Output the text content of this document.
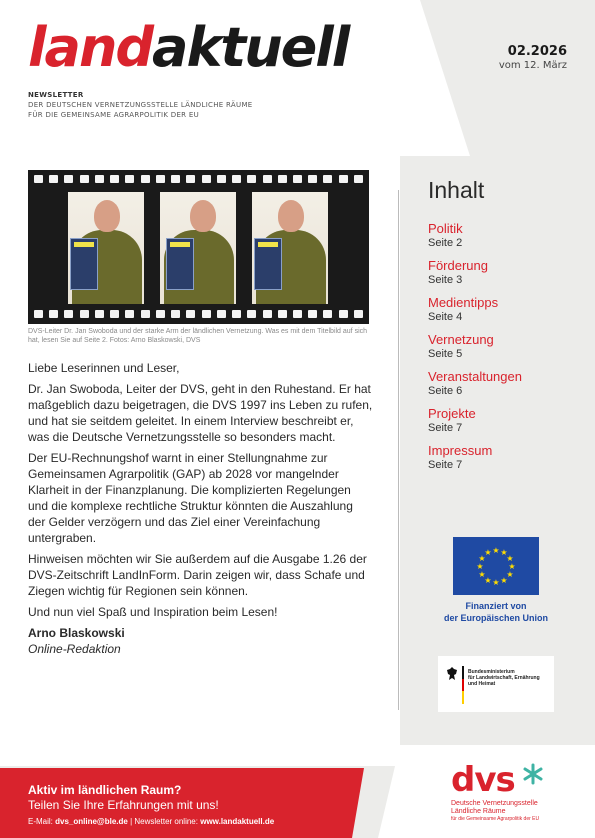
landaktuell	02.2026
vom 12. März
NEWSLETTER
DER DEUTSCHEN VERNETZUNGSSTELLE LÄNDLICHE RÄUME
FÜR DIE GEMEINSAME AGRARPOLITIK DER EU
DVS-Leiter Dr. Jan Swoboda und der starke Arm der ländlichen Vernetzung. Was es mit dem Titelbild auf sich hat, lesen Sie auf Seite 2. Fotos: Arno Blaskowski, DVS

Liebe Leserinnen und Leser,

Dr. Jan Swoboda, Leiter der DVS, geht in den Ruhestand. Er hat maßgeblich dazu beigetragen, die DVS 1997 ins Leben zu rufen, und hat sie seitdem geleitet. In einem Interview beschreibt er, was die Deutsche Vernetzungsstelle so besonders macht.

Der EU-Rechnungshof warnt in einer Stellungnahme zur Gemeinsamen Agrarpolitik (GAP) ab 2028 vor mangelnder Klarheit in der Finanzplanung. Die komplizierten Regelungen und die komplexe rechtliche Struktur könnten die Auszahlung der Gelder verzögern und das Ziel einer Vereinfachung untergraben.

Hinweisen möchten wir Sie außerdem auf die Ausgabe 1.26 der DVS-Zeitschrift LandInForm. Darin zeigen wir, dass Schafe und Ziegen wichtig für Regionen sein können.

Und nun viel Spaß und Inspiration beim Lesen!

Arno Blaskowski
Online-Redaktion
Inhalt
Politik
Seite 2
Förderung
Seite 3
Medientipps
Seite 4
Vernetzung
Seite 5
Veranstaltungen
Seite 6
Projekte
Seite 7
Impressum
Seite 7
★ ★
★
★
★
★
★
★
★
★
★
★
Finanziert von
der Europäischen Union
Bundesministerium
für Landwirtschaft, Ernährung
und Heimat
Aktiv im ländlichen Raum?
Teilen Sie Ihre Erfahrungen mit uns!
E-Mail: dvs_online@ble.de | Newsletter online: www.landaktuell.de
dvs
Deutsche Vernetzungsstelle
Ländliche Räume
für die Gemeinsame Agrarpolitik der EU
